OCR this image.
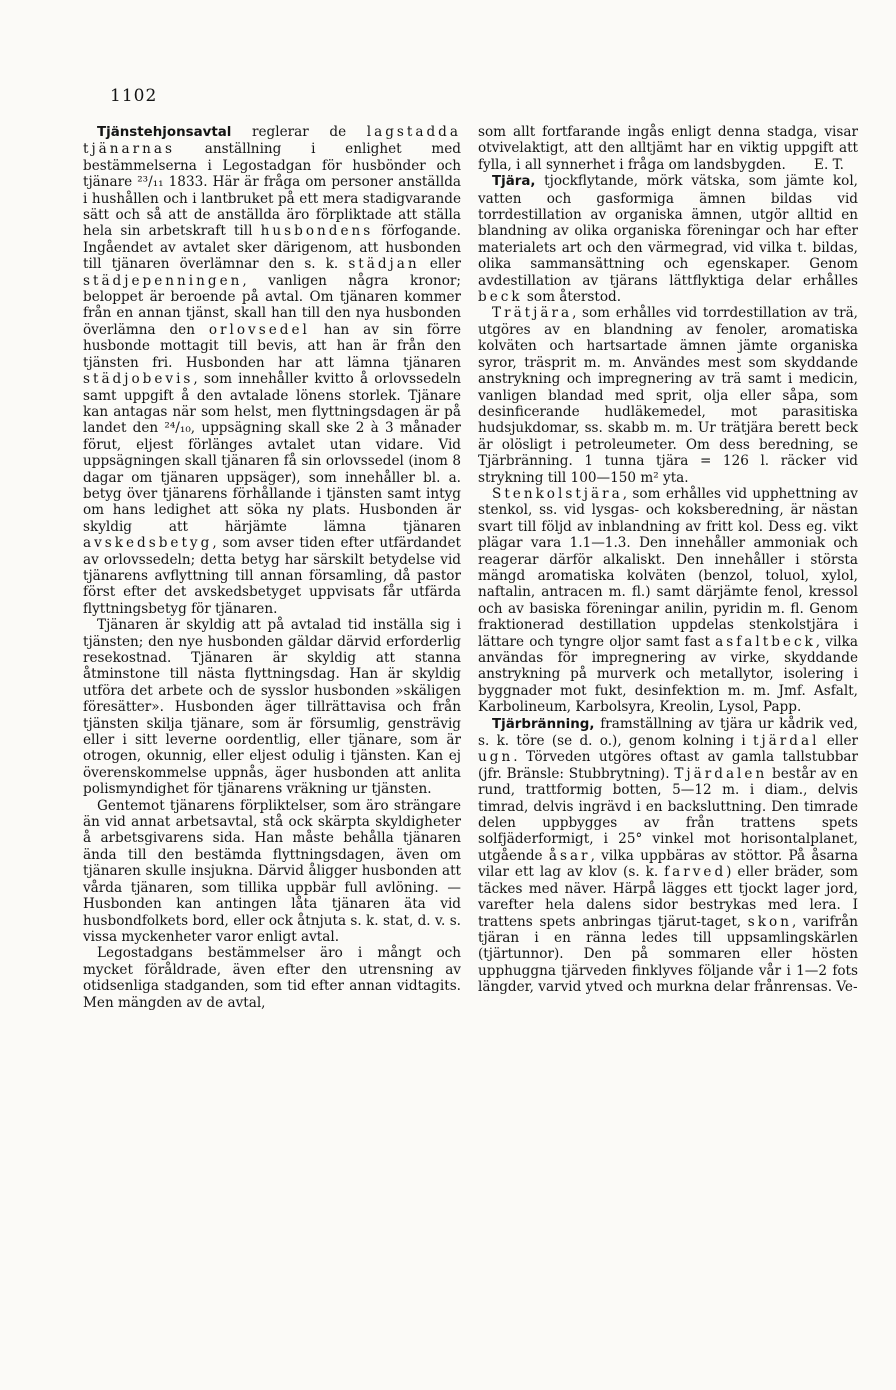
1102

Tjänstehjonsavtal reglerar de lagstadda tjänarnas anställning i enlighet med bestämmelserna i Legostadgan för husbönder och tjänare ²³/₁₁ 1833. Här är fråga om personer anställda i hushållen och i lantbruket på ett mera stadigvarande sätt och så att de anställda äro förpliktade att ställa hela sin arbetskraft till husbondens förfogande. Ingåendet av avtalet sker därigenom, att husbonden till tjänaren överlämnar den s. k. städjan eller städjepenningen, vanligen några kronor; beloppet är beroende på avtal. Om tjänaren kommer från en annan tjänst, skall han till den nya husbonden överlämna den orlovsedel han av sin förre husbonde mottagit till bevis, att han är från den tjänsten fri. Husbonden har att lämna tjänaren städjobevis, som innehåller kvitto å orlovssedeln samt uppgift å den avtalade lönens storlek. Tjänare kan antagas när som helst, men flyttningsdagen är på landet den ²⁴/₁₀, uppsägning skall ske 2 à 3 månader förut, eljest förlänges avtalet utan vidare. Vid uppsägningen skall tjänaren få sin orlovssedel (inom 8 dagar om tjänaren uppsäger), som innehåller bl. a. betyg över tjänarens förhållande i tjänsten samt intyg om hans ledighet att söka ny plats. Husbonden är skyldig att härjämte lämna tjänaren avskedsbetyg, som avser tiden efter utfärdandet av orlovssedeln; detta betyg har särskilt betydelse vid tjänarens avflyttning till annan församling, då pastor först efter det avskedsbetyget uppvisats får utfärda flyttningsbetyg för tjänaren.

Tjänaren är skyldig att på avtalad tid inställa sig i tjänsten; den nye husbonden gäldar därvid erforderlig resekostnad. Tjänaren är skyldig att stanna åtminstone till nästa flyttningsdag. Han är skyldig utföra det arbete och de sysslor husbonden »skäligen föresätter». Husbonden äger tillrättavisa och från tjänsten skilja tjänare, som är försumlig, gensträvig eller i sitt leverne oordentlig, eller tjänare, som är otrogen, okunnig, eller eljest odulig i tjänsten. Kan ej överenskommelse uppnås, äger husbonden att anlita polismyndighet för tjänarens vräkning ur tjänsten.

Gentemot tjänarens förpliktelser, som äro strängare än vid annat arbetsavtal, stå ock skärpta skyldigheter å arbetsgivarens sida. Han måste behålla tjänaren ända till den bestämda flyttningsdagen, även om tjänaren skulle insjukna. Därvid åligger husbonden att vårda tjänaren, som tillika uppbär full avlöning. — Husbonden kan antingen låta tjänaren äta vid husbondfolkets bord, eller ock åtnjuta s. k. stat, d. v. s. vissa myckenheter varor enligt avtal.

Legostadgans bestämmelser äro i mångt och mycket föråldrade, även efter den utrensning av otidsenliga stadganden, som tid efter annan vidtagits. Men mängden av de avtal,

som allt fortfarande ingås enligt denna stadga, visar otvivelaktigt, att den alltjämt har en viktig uppgift att fylla, i all synnerhet i fråga om landsbygden. E. T.

Tjära, tjockflytande, mörk vätska, som jämte kol, vatten och gasformiga ämnen bildas vid torrdestillation av organiska ämnen, utgör alltid en blandning av olika organiska föreningar och har efter materialets art och den värmegrad, vid vilka t. bildas, olika sammansättning och egenskaper. Genom avdestillation av tjärans lättflyktiga delar erhålles beck som återstod.

Trätjära, som erhålles vid torrdestillation av trä, utgöres av en blandning av fenoler, aromatiska kolväten och hartsartade ämnen jämte organiska syror, träsprit m. m. Användes mest som skyddande anstrykning och impregnering av trä samt i medicin, vanligen blandad med sprit, olja eller såpa, som desinficerande hudläkemedel, mot parasitiska hudsjukdomar, ss. skabb m. m. Ur trätjära berett beck är olösligt i petroleumeter. Om dess beredning, se Tjärbränning. 1 tunna tjära = 126 l. räcker vid strykning till 100—150 m² yta.

Stenkolstjära, som erhålles vid upphettning av stenkol, ss. vid lysgas- och koksberedning, är nästan svart till följd av inblandning av fritt kol. Dess eg. vikt plägar vara 1.1—1.3. Den innehåller ammoniak och reagerar därför alkaliskt. Den innehåller i största mängd aromatiska kolväten (benzol, toluol, xylol, naftalin, antracen m. fl.) samt därjämte fenol, kressol och av basiska föreningar anilin, pyridin m. fl. Genom fraktionerad destillation uppdelas stenkolstjära i lättare och tyngre oljor samt fast asfaltbeck, vilka användas för impregnering av virke, skyddande anstrykning på murverk och metallytor, isolering i byggnader mot fukt, desinfektion m. m. Jmf. Asfalt, Karbolineum, Karbolsyra, Kreolin, Lysol, Papp.

Tjärbränning, framställning av tjära ur kådrik ved, s. k. töre (se d. o.), genom kolning i tjärdal eller ugn. Törveden utgöres oftast av gamla tallstubbar (jfr. Bränsle: Stubbrytning). Tjärdalen består av en rund, trattformig botten, 5—12 m. i diam., delvis timrad, delvis ingrävd i en backsluttning. Den timrade delen uppbygges av från trattens spets solfjäderformigt, i 25° vinkel mot horisontalplanet, utgående åsar, vilka uppbäras av stöttor. På åsarna vilar ett lag av klov (s. k. farved) eller bräder, som täckes med näver. Härpå lägges ett tjockt lager jord, varefter hela dalens sidor bestrykas med lera. I trattens spets anbringas tjärut-taget, skon, varifrån tjäran i en ränna ledes till uppsamlingskärlen (tjärtunnor). Den på sommaren eller hösten upphuggna tjärveden finklyves följande vår i 1—2 fots längder, varvid ytved och murkna delar frånrensas. Ve-
